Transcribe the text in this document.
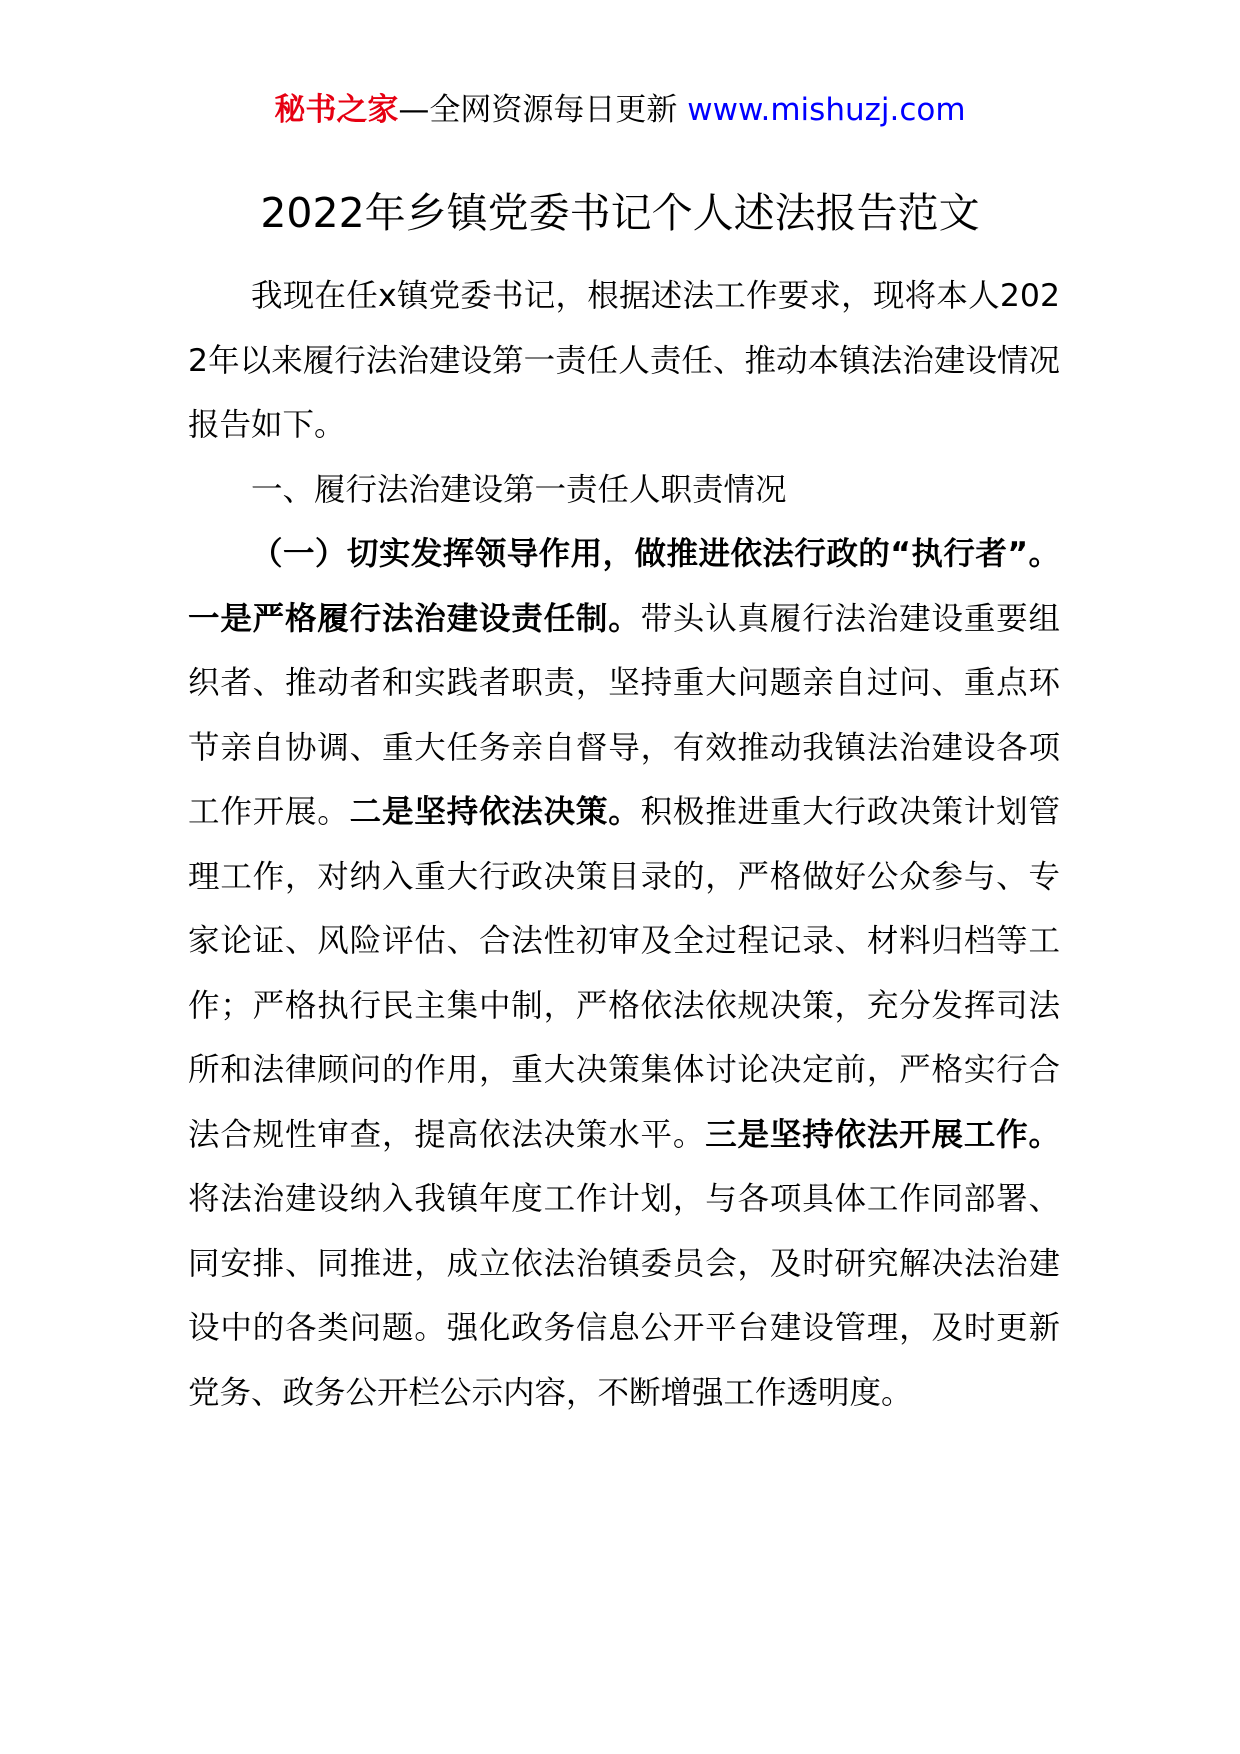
秘书之家—全网资源每日更新 www.mishuzj.com
2022年乡镇党委书记个人述法报告范文

我现在任x镇党委书记，根据述法工作要求，现将本人2022年以来履行法治建设第一责任人责任、推动本镇法治建设情况报告如下。

一、履行法治建设第一责任人职责情况

（一）切实发挥领导作用，做推进依法行政的“执行者”。一是严格履行法治建设责任制。带头认真履行法治建设重要组织者、推动者和实践者职责，坚持重大问题亲自过问、重点环节亲自协调、重大任务亲自督导，有效推动我镇法治建设各项工作开展。二是坚持依法决策。积极推进重大行政决策计划管理工作，对纳入重大行政决策目录的，严格做好公众参与、专家论证、风险评估、合法性初审及全过程记录、材料归档等工作；严格执行民主集中制，严格依法依规决策，充分发挥司法所和法律顾问的作用，重大决策集体讨论决定前，严格实行合法合规性审查，提高依法决策水平。三是坚持依法开展工作。将法治建设纳入我镇年度工作计划，与各项具体工作同部署、同安排、同推进，成立依法治镇委员会，及时研究解决法治建设中的各类问题。强化政务信息公开平台建设管理，及时更新党务、政务公开栏公示内容，不断增强工作透明度。
